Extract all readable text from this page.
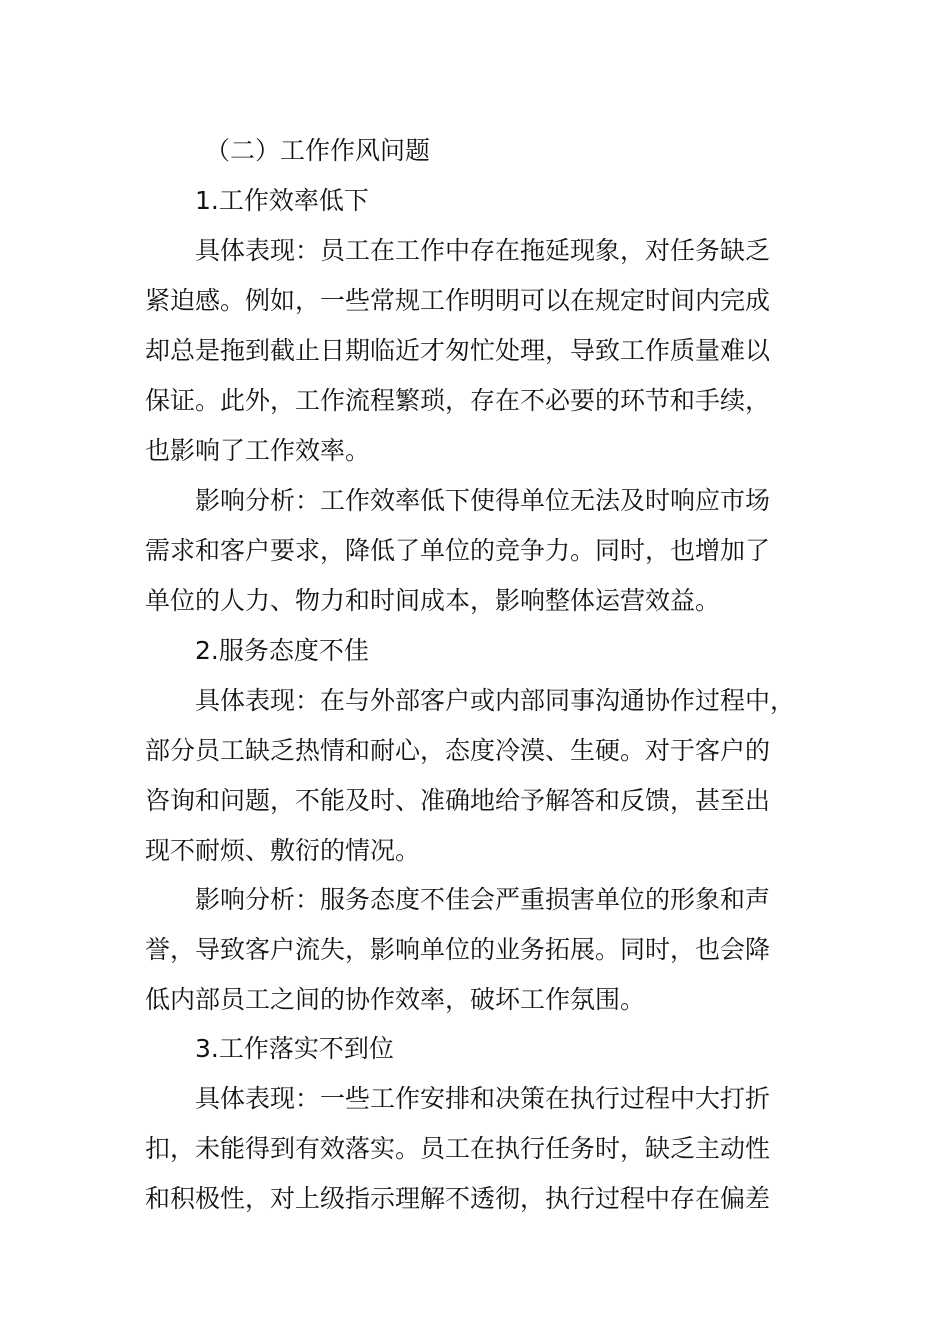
（二）工作作风问题
1.工作效率低下
具体表现：员工在工作中存在拖延现象，对任务缺乏
紧迫感。例如，一些常规工作明明可以在规定时间内完成
却总是拖到截止日期临近才匆忙处理，导致工作质量难以
保证。此外，工作流程繁琐，存在不必要的环节和手续，
也影响了工作效率。
影响分析：工作效率低下使得单位无法及时响应市场
需求和客户要求，降低了单位的竞争力。同时，也增加了
单位的人力、物力和时间成本，影响整体运营效益。
2.服务态度不佳
具体表现：在与外部客户或内部同事沟通协作过程中，
部分员工缺乏热情和耐心，态度冷漠、生硬。对于客户的
咨询和问题，不能及时、准确地给予解答和反馈，甚至出
现不耐烦、敷衍的情况。
影响分析：服务态度不佳会严重损害单位的形象和声
誉，导致客户流失，影响单位的业务拓展。同时，也会降
低内部员工之间的协作效率，破坏工作氛围。
3.工作落实不到位
具体表现：一些工作安排和决策在执行过程中大打折
扣，未能得到有效落实。员工在执行任务时，缺乏主动性
和积极性，对上级指示理解不透彻，执行过程中存在偏差
